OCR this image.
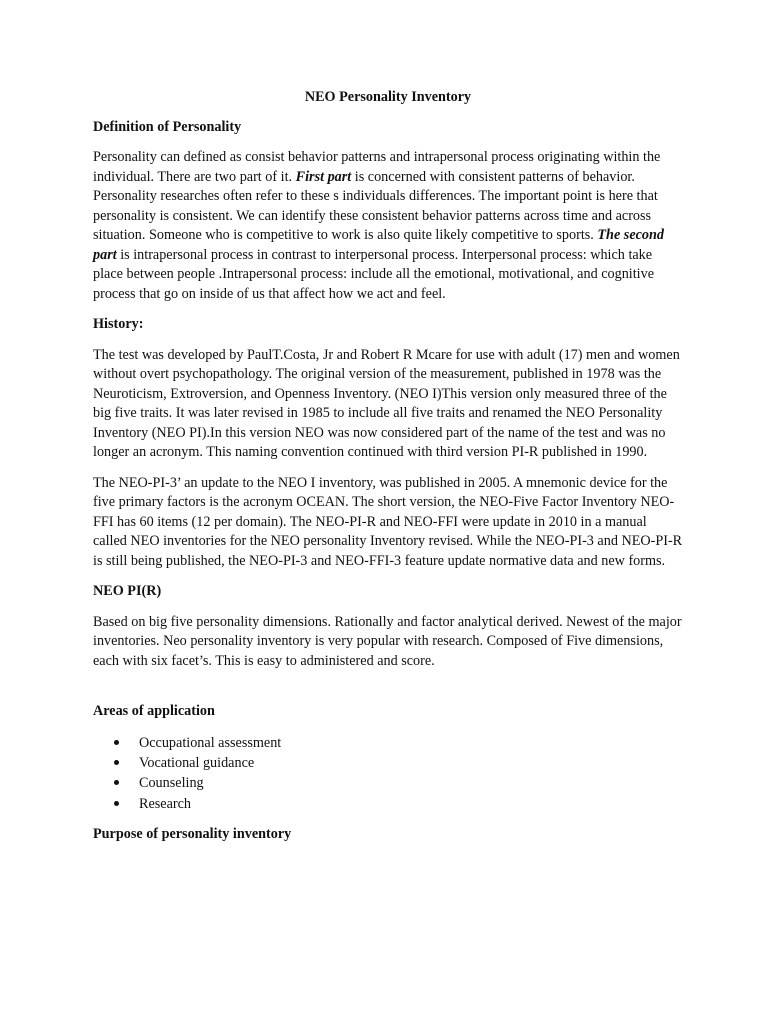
NEO Personality Inventory
Definition of Personality

Personality can defined as consist behavior patterns and intrapersonal process originating within the individual. There are two part of it. First part is concerned with consistent patterns of behavior. Personality researches often refer to these s individuals differences. The important point is here that personality is consistent. We can identify these consistent behavior patterns across time and across situation. Someone who is competitive to work is also quite likely competitive to sports. The second part is intrapersonal process in contrast to interpersonal process. Interpersonal process: which take place between people .Intrapersonal process: include all the emotional, motivational, and cognitive process that go on inside of us that affect how we act and feel.

History:

The test was developed by PaulT.Costa, Jr and Robert R Mcare for use with adult (17) men and women without overt psychopathology. The original version of the measurement, published in 1978 was the Neuroticism, Extroversion, and Openness Inventory. (NEO I)This version only measured three of the big five traits. It was later revised in 1985 to include all five traits and renamed the NEO Personality Inventory (NEO PI).In this version NEO was now considered part of the name of the test and was no longer an acronym. This naming convention continued with third version PI-R published in 1990.

The NEO-PI-3’ an update to the NEO I inventory, was published in 2005. A mnemonic device for the five primary factors is the acronym OCEAN. The short version, the NEO-Five Factor Inventory NEO-FFI has 60 items (12 per domain). The NEO-PI-R and NEO-FFI were update in 2010 in a manual called NEO inventories for the NEO personality Inventory revised. While the NEO-PI-3 and NEO-PI-R is still being published, the NEO-PI-3 and NEO-FFI-3 feature update normative data and new forms.

NEO PI(R)

Based on big five personality dimensions. Rationally and factor analytical derived. Newest of the major inventories. Neo personality inventory is very popular with research. Composed of Five dimensions, each with six facet’s. This is easy to administered and score.

Areas of application
Occupational assessment
Vocational guidance
Counseling
Research
Purpose of personality inventory
